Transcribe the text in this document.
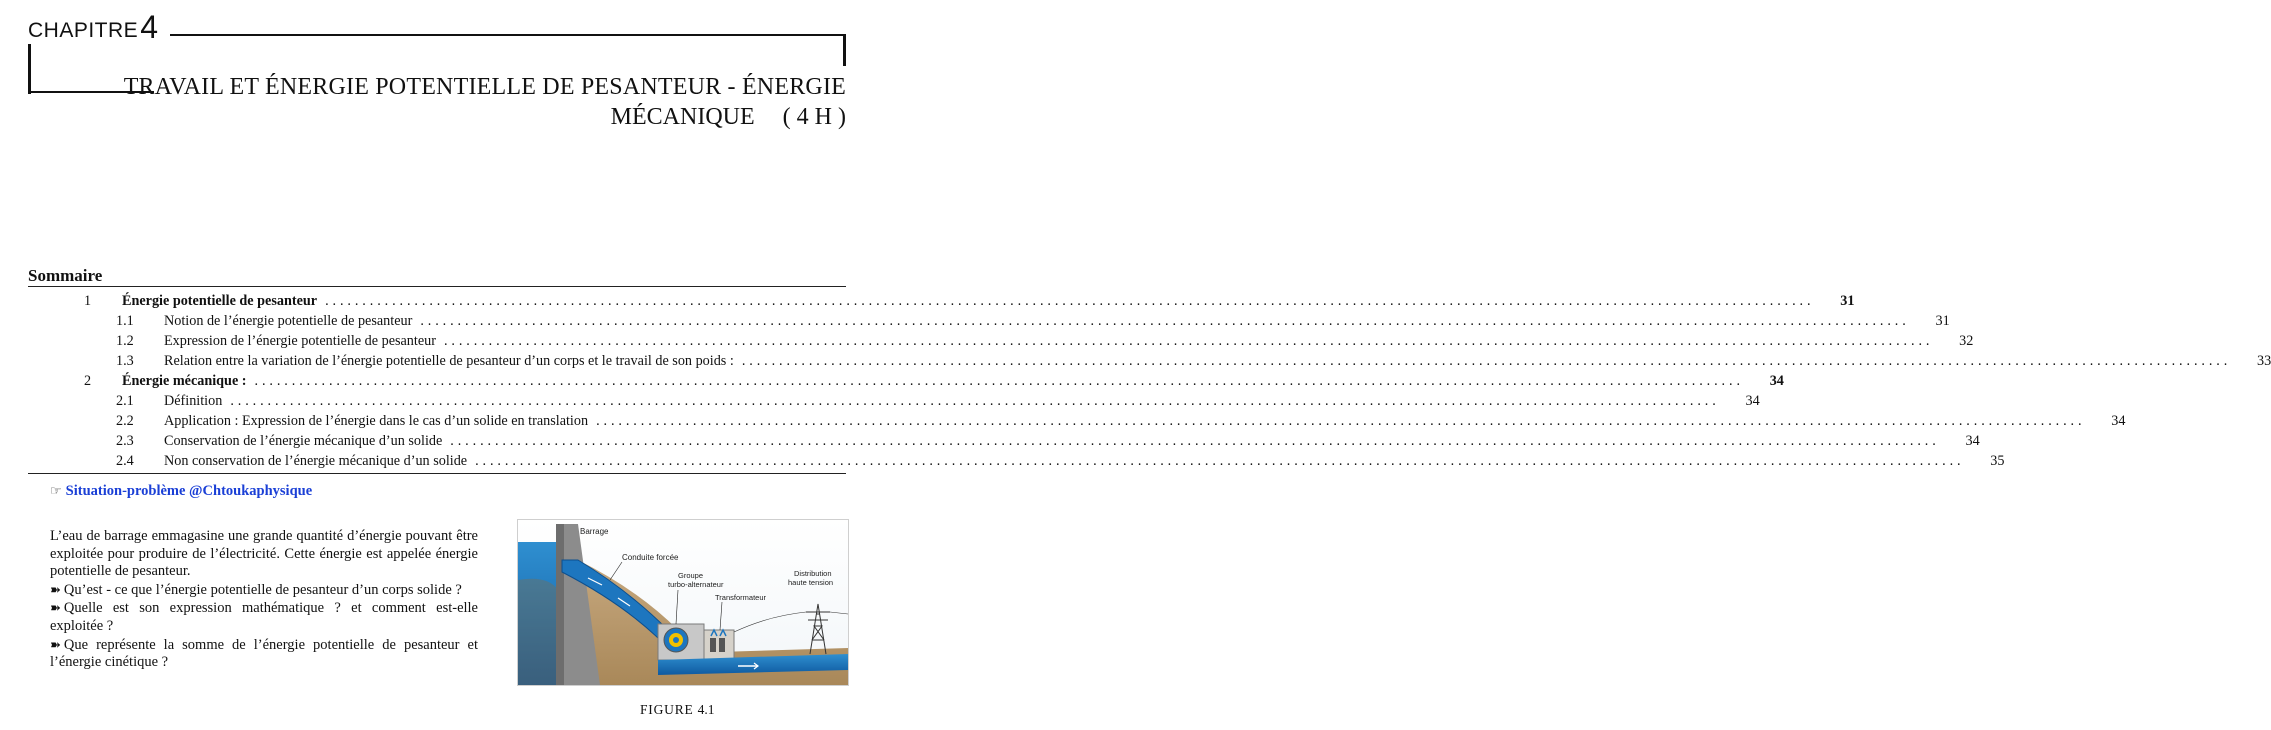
CHAPITRE4
TRAVAIL ET ÉNERGIE POTENTIELLE DE PESANTEUR - ÉNERGIE
MÉCANIQUE ( 4 H )
Sommaire
1	Énergie potentielle de pesanteur ........................................................................................................................................................................................................	31
1.1	Notion de l’énergie potentielle de pesanteur ........................................................................................................................................................................................................	31
1.2	Expression de l’énergie potentielle de pesanteur ........................................................................................................................................................................................................	32
1.3	Relation entre la variation de l’énergie potentielle de pesanteur d’un corps et le travail de son poids : ........................................................................................................................................................................................................	33
2	Énergie mécanique : ........................................................................................................................................................................................................	34
2.1	Définition ........................................................................................................................................................................................................	34
2.2	Application : Expression de l’énergie dans le cas d’un solide en translation ........................................................................................................................................................................................................	34
2.3	Conservation de l’énergie mécanique d’un solide ........................................................................................................................................................................................................	34
2.4	Non conservation de l’énergie mécanique d’un solide ........................................................................................................................................................................................................	35
☞ Situation-problème @Chtoukaphysique

L’eau de barrage emmagasine une grande quantité d’énergie pouvant être exploitée pour produire de l’électricité. Cette énergie est appelée énergie potentielle de pesanteur.

➽ Qu’est - ce que l’énergie potentielle de pesanteur d’un corps solide ?

➽ Quelle est son expression mathématique ? et comment est-elle exploitée ?

➽ Que représente la somme de l’énergie potentielle de pesanteur et l’énergie cinétique ?

Barrage
Conduite forcée
Groupe
turbo-alternateur
Transformateur
Distribution
haute tension
FIGURE 4.1
